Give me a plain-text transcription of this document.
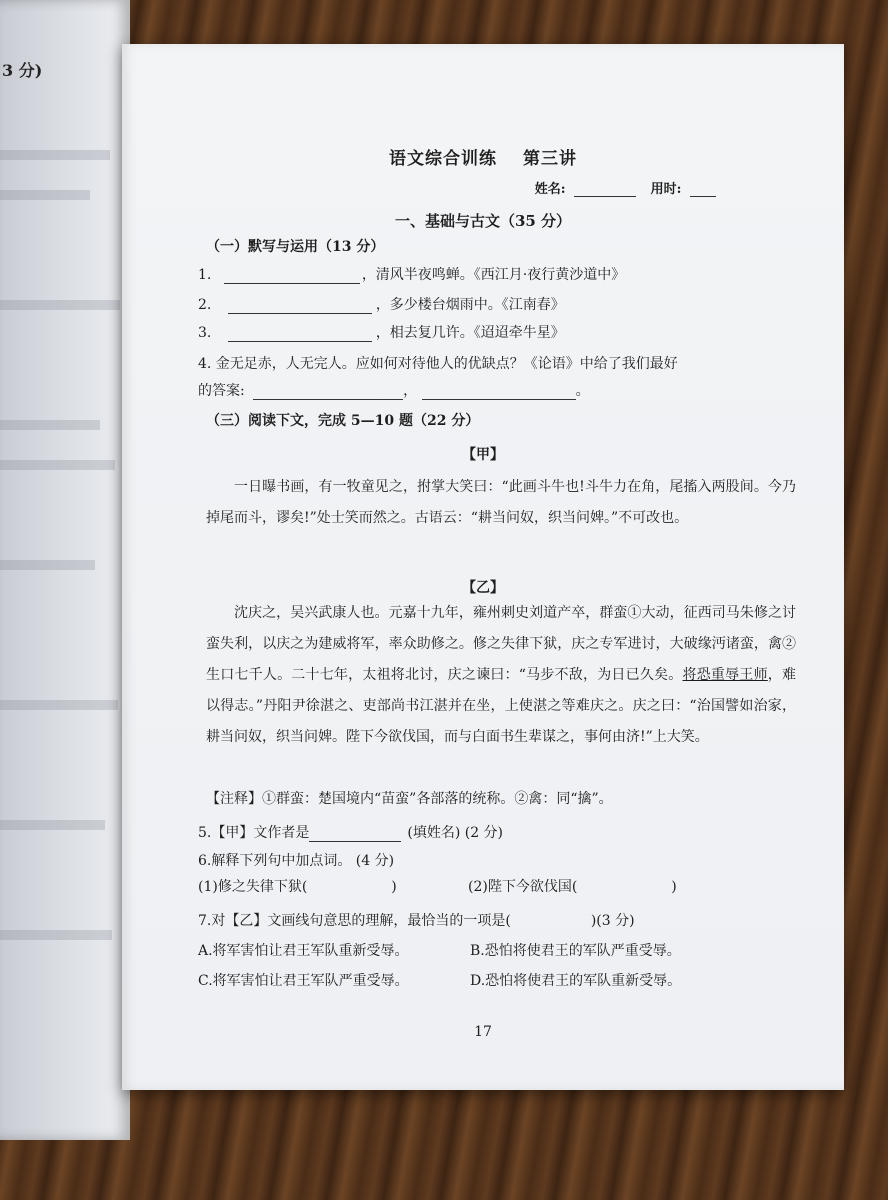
3 分)
语文综合训练 第三讲
姓名:	用时:
一、基础与古文（35 分）
（一）默写与运用（13 分）
1.	，清风半夜鸣蝉。《西江月·夜行黄沙道中》
2.	，多少楼台烟雨中。《江南春》
3.	，相去复几许。《迢迢牵牛星》
4. 金无足赤，人无完人。应如何对待他人的优缺点？《论语》中给了我们最好
的答案:	，	。
（三）阅读下文，完成 5—10 题（22 分）
【甲】

一日曝书画，有一牧童见之，拊掌大笑曰：“此画斗牛也!斗牛力在角，尾搐入两股间。今乃掉尾而斗，谬矣!”处士笑而然之。古语云：“耕当问奴，织当问婢。”不可改也。

【乙】

沈庆之，吴兴武康人也。元嘉十九年，雍州刺史刘道产卒，群蛮①大动，征西司马朱修之讨蛮失利，以庆之为建威将军，率众助修之。修之失律下狱，庆之专军进讨，大破缘沔诸蛮，禽②生口七千人。二十七年，太祖将北讨，庆之谏曰：“马步不敌，为日已久矣。将恐重辱王师，难以得志。”丹阳尹徐湛之、吏部尚书江湛并在坐，上使湛之等难庆之。庆之曰：“治国譬如治家，耕当问奴，织当问婢。陛下今欲伐国，而与白面书生辈谋之，事何由济!”上大笑。

【注释】①群蛮：楚国境内“苗蛮”各部落的统称。②禽：同“擒”。
5.【甲】文作者是	(填姓名) (2 分)
6.解释下列句中加点词。 (4 分)
(1)修之失律下狱(	)	(2)陛下今欲伐国(	)
7.对【乙】文画线句意思的理解，最恰当的一项是(	)(3 分)
A.将军害怕让君王军队重新受辱。	B.恐怕将使君王的军队严重受辱。
C.将军害怕让君王军队严重受辱。	D.恐怕将使君王的军队重新受辱。
17
